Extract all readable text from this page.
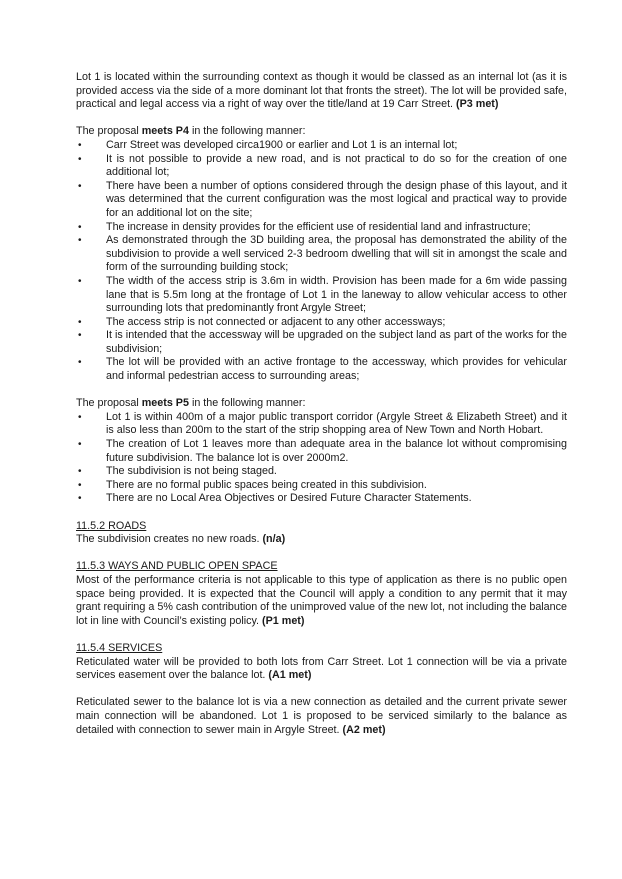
Lot 1 is located within the surrounding context as though it would be classed as an internal lot (as it is provided access via the side of a more dominant lot that fronts the street). The lot will be provided safe, practical and legal access via a right of way over the title/land at 19 Carr Street. (P3 met)

The proposal meets P4 in the following manner:

• Carr Street was developed circa1900 or earlier and Lot 1 is an internal lot;
• It is not possible to provide a new road, and is not practical to do so for the creation of one additional lot;
• There have been a number of options considered through the design phase of this layout, and it was determined that the current configuration was the most logical and practical way to provide for an additional lot on the site;
• The increase in density provides for the efficient use of residential land and infrastructure;
• As demonstrated through the 3D building area, the proposal has demonstrated the ability of the subdivision to provide a well serviced 2-3 bedroom dwelling that will sit in amongst the scale and form of the surrounding building stock;
• The width of the access strip is 3.6m in width. Provision has been made for a 6m wide passing lane that is 5.5m long at the frontage of Lot 1 in the laneway to allow vehicular access to other surrounding lots that predominantly front Argyle Street;
• The access strip is not connected or adjacent to any other accessways;
• It is intended that the accessway will be upgraded on the subject land as part of the works for the subdivision;
• The lot will be provided with an active frontage to the accessway, which provides for vehicular and informal pedestrian access to surrounding areas;

The proposal meets P5 in the following manner:

• Lot 1 is within 400m of a major public transport corridor (Argyle Street & Elizabeth Street) and it is also less than 200m to the start of the strip shopping area of New Town and North Hobart.
• The creation of Lot 1 leaves more than adequate area in the balance lot without compromising future subdivision. The balance lot is over 2000m2.
• The subdivision is not being staged.
• There are no formal public spaces being created in this subdivision.
• There are no Local Area Objectives or Desired Future Character Statements.

11.5.2 ROADS

The subdivision creates no new roads. (n/a)

11.5.3 WAYS AND PUBLIC OPEN SPACE

Most of the performance criteria is not applicable to this type of application as there is no public open space being provided. It is expected that the Council will apply a condition to any permit that it may grant requiring a 5% cash contribution of the unimproved value of the new lot, not including the balance lot in line with Council’s existing policy. (P1 met)

11.5.4 SERVICES

Reticulated water will be provided to both lots from Carr Street. Lot 1 connection will be via a private services easement over the balance lot. (A1 met)

Reticulated sewer to the balance lot is via a new connection as detailed and the current private sewer main connection will be abandoned. Lot 1 is proposed to be serviced similarly to the balance as detailed with connection to sewer main in Argyle Street. (A2 met)
